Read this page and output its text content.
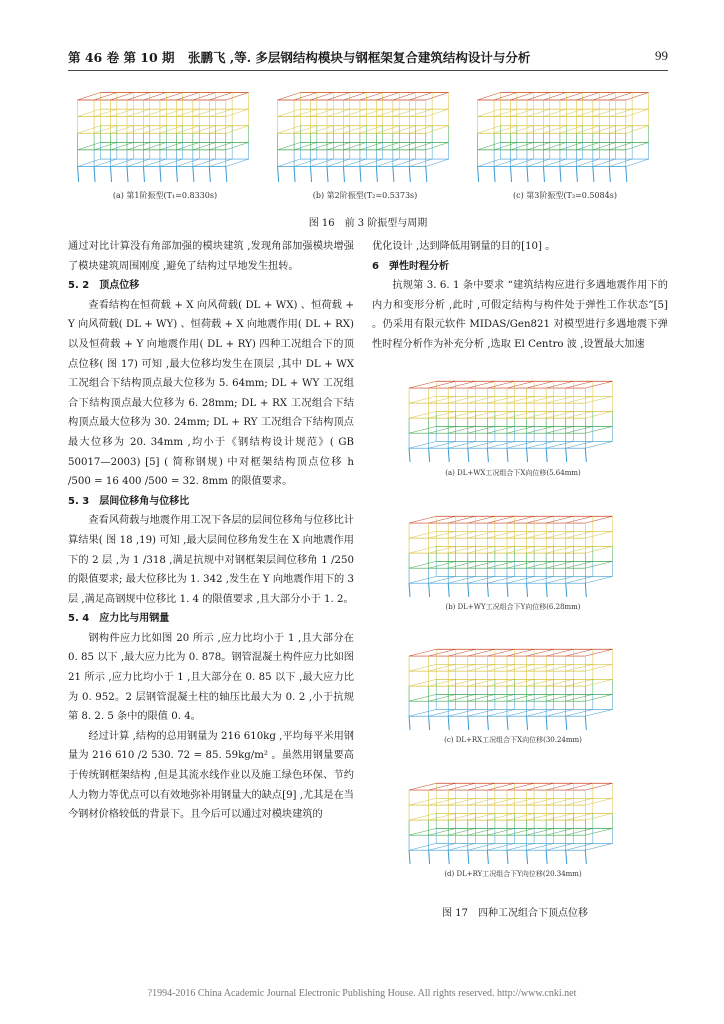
第 46 卷 第 10 期 张鹏飞 ,等. 多层钢结构模块与钢框架复合建筑结构设计与分析	99
(a) 第1阶振型(T₁=0.8330s)	(b) 第2阶振型(T₂=0.5373s)	(c) 第3阶振型(T₃=0.5084s)
图 16　前 3 阶振型与周期

通过对比计算没有角部加强的模块建筑 ,发现角部加强模块增强了模块建筑周围刚度 ,避免了结构过早地发生扭转。

5. 2　顶点位移

查看结构在恒荷载 + X 向风荷载( DL + WX) 、恒荷载 + Y 向风荷载( DL + WY) 、恒荷载 + X 向地震作用( DL + RX) 以及恒荷载 + Y 向地震作用( DL + RY) 四种工况组合下的顶点位移( 图 17) 可知 ,最大位移均发生在顶层 ,其中 DL + WX 工况组合下结构顶点最大位移为 5. 64mm; DL + WY 工况组合下结构顶点最大位移为 6. 28mm; DL + RX 工况组合下结构顶点最大位移为 30. 24mm; DL + RY 工况组合下结构顶点最大位移为 20. 34mm ,均小于《钢结构设计规范》( GB 50017—2003) [5] ( 简称钢规) 中对框架结构顶点位移 h /500 = 16 400 /500 = 32. 8mm 的限值要求。

5. 3　层间位移角与位移比

查看风荷载与地震作用工况下各层的层间位移角与位移比计算结果( 图 18 ,19) 可知 ,最大层间位移角发生在 X 向地震作用下的 2 层 ,为 1 /318 ,满足抗规中对钢框架层间位移角 1 /250 的限值要求; 最大位移比为 1. 342 ,发生在 Y 向地震作用下的 3 层 ,满足高钢规中位移比 1. 4 的限值要求 ,且大部分小于 1. 2。

5. 4　应力比与用钢量

钢构件应力比如图 20 所示 ,应力比均小于 1 ,且大部分在 0. 85 以下 ,最大应力比为 0. 878。钢管混凝土构件应力比如图 21 所示 ,应力比均小于 1 ,且大部分在 0. 85 以下 ,最大应力比为 0. 952。2 层钢管混凝土柱的轴压比最大为 0. 2 ,小于抗规第 8. 2. 5 条中的限值 0. 4。

经过计算 ,结构的总用钢量为 216 610kg ,平均每平米用钢量为 216 610 /2 530. 72 = 85. 59kg/m² 。虽然用钢量要高于传统钢框架结构 ,但是其流水线作业以及施工绿色环保、节约人力物力等优点可以有效地弥补用钢量大的缺点[9] ,尤其是在当今钢材价格较低的背景下。且今后可以通过对模块建筑的

优化设计 ,达到降低用钢量的目的[10] 。

6　弹性时程分析

抗规第 3. 6. 1 条中要求 “建筑结构应进行多遇地震作用下的内力和变形分析 ,此时 ,可假定结构与构件处于弹性工作状态”[5] 。仍采用有限元软件 MIDAS/Gen821 对模型进行多遇地震下弹性时程分析作为补充分析 ,选取 El Centro 波 ,设置最大加速

(a) DL+WX工况组合下X向位移(5.64mm)
(b) DL+WY工况组合下Y向位移(6.28mm)
(c) DL+RX工况组合下X向位移(30.24mm)
(d) DL+RY工况组合下Y向位移(20.34mm)
图 17　四种工况组合下顶点位移
?1994-2016 China Academic Journal Electronic Publishing House. All rights reserved. http://www.cnki.net
